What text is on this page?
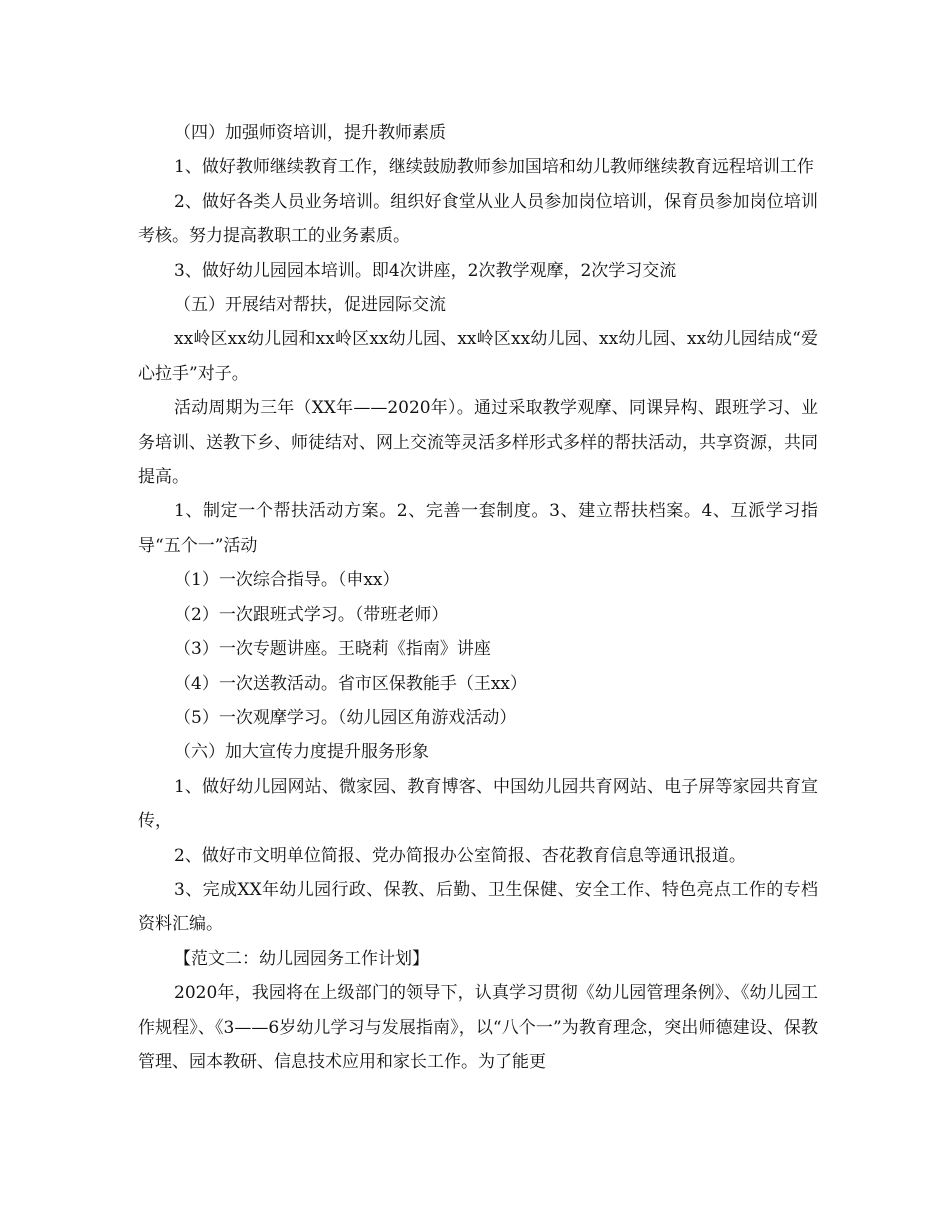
（四）加强师资培训，提升教师素质

1、做好教师继续教育工作，继续鼓励教师参加国培和幼儿教师继续教育远程培训工作

2、做好各类人员业务培训。组织好食堂从业人员参加岗位培训，保育员参加岗位培训考核。努力提高教职工的业务素质。

3、做好幼儿园园本培训。即4次讲座，2次教学观摩，2次学习交流

（五）开展结对帮扶，促进园际交流

xx岭区xx幼儿园和xx岭区xx幼儿园、xx岭区xx幼儿园、xx幼儿园、xx幼儿园结成“爱心拉手”对子。

活动周期为三年（XX年——2020年）。通过采取教学观摩、同课异构、跟班学习、业务培训、送教下乡、师徒结对、网上交流等灵活多样形式多样的帮扶活动，共享资源，共同提高。

1、制定一个帮扶活动方案。2、完善一套制度。3、建立帮扶档案。4、互派学习指导“五个一”活动

（1）一次综合指导。（申xx）

（2）一次跟班式学习。（带班老师）

（3）一次专题讲座。王晓莉《指南》讲座

（4）一次送教活动。省市区保教能手（王xx）

（5）一次观摩学习。（幼儿园区角游戏活动）

（六）加大宣传力度提升服务形象

1、做好幼儿园网站、微家园、教育博客、中国幼儿园共育网站、电子屏等家园共育宣传，

2、做好市文明单位简报、党办简报办公室简报、杏花教育信息等通讯报道。

3、完成XX年幼儿园行政、保教、后勤、卫生保健、安全工作、特色亮点工作的专档资料汇编。

【范文二：幼儿园园务工作计划】

2020年，我园将在上级部门的领导下，认真学习贯彻《幼儿园管理条例》、《幼儿园工作规程》、《3——6岁幼儿学习与发展指南》，以“八个一”为教育理念，突出师德建设、保教管理、园本教研、信息技术应用和家长工作。为了能更
